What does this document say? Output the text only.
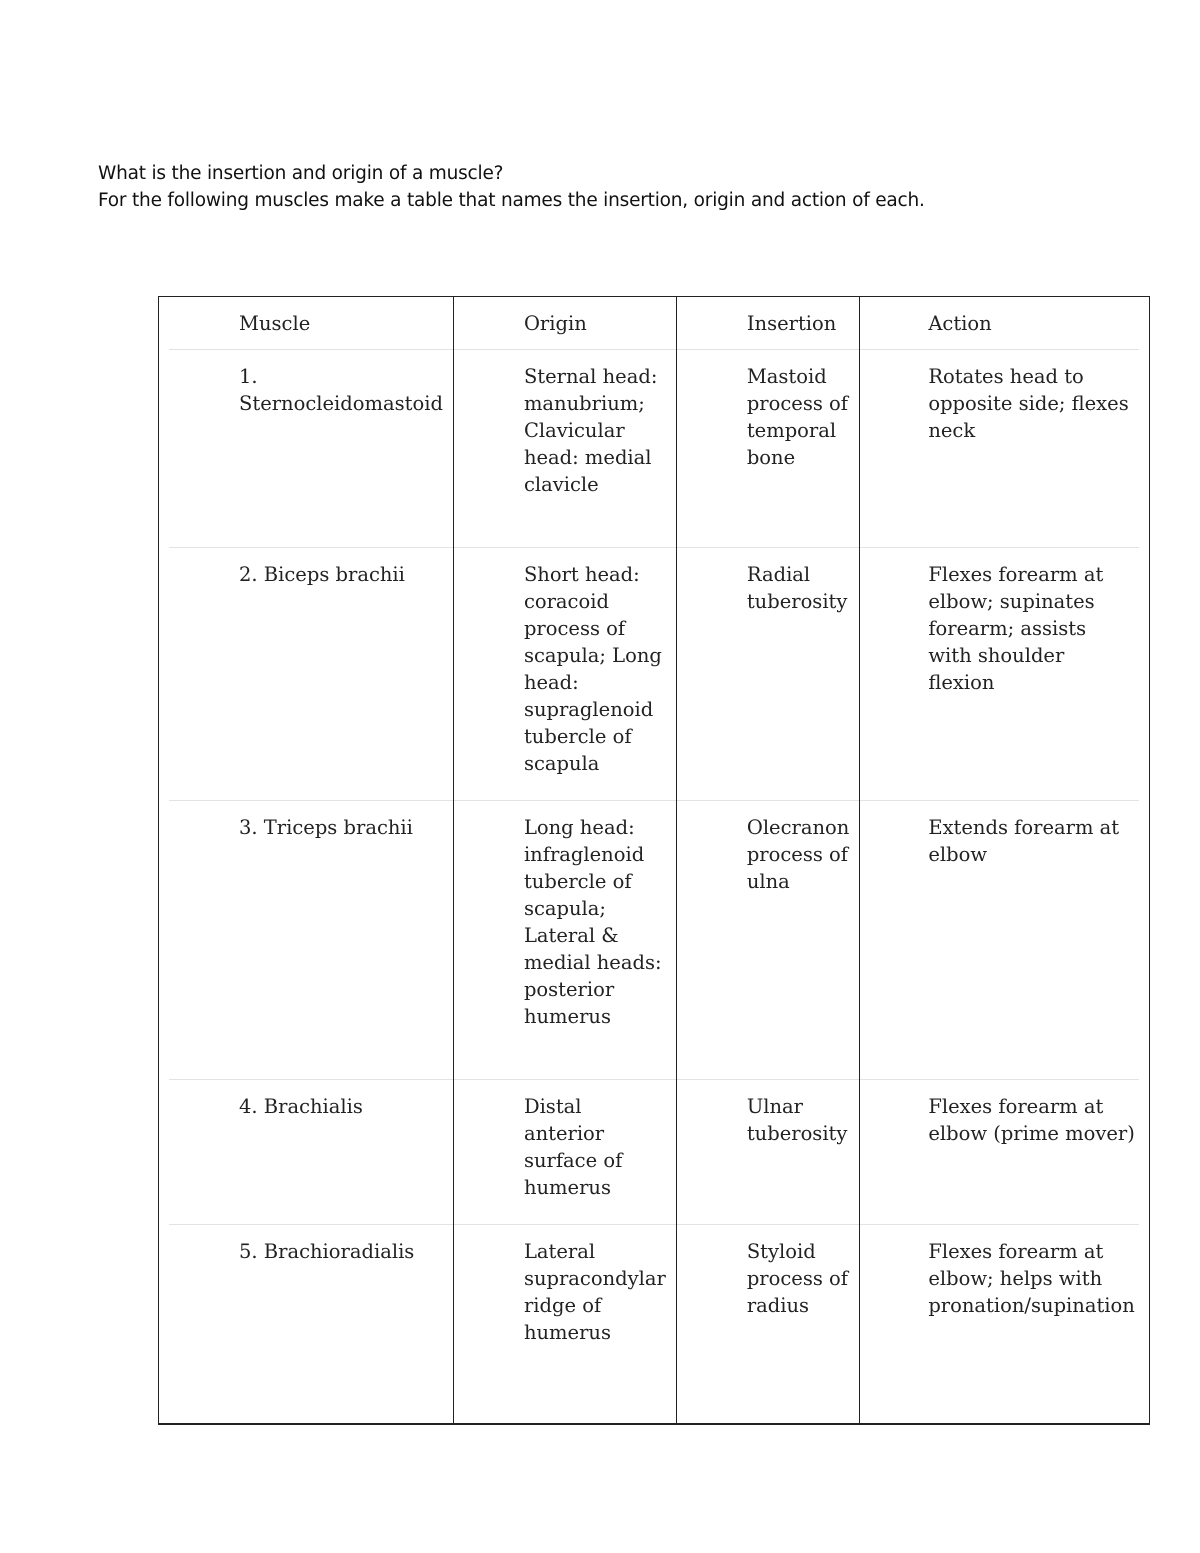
What is the insertion and origin of a muscle?
For the following muscles make a table that names the insertion, origin and action of each.
Muscle	Origin	Insertion	Action

1. Sternocleidomastoid	Sternal head: manubrium; Clavicular head: medial clavicle	Mastoid process of temporal bone	Rotates head to opposite side; flexes neck

2. Biceps brachii	Short head: coracoid process of scapula; Long head: supraglenoid tubercle of scapula	Radial tuberosity	Flexes forearm at elbow; supinates forearm; assists with shoulder flexion

3. Triceps brachii	Long head: infraglenoid tubercle of scapula; Lateral & medial heads: posterior humerus	Olecranon process of ulna	Extends forearm at elbow

4. Brachialis	Distal anterior surface of humerus	Ulnar tuberosity	Flexes forearm at elbow (prime mover)

5. Brachioradialis	Lateral supracondylar ridge of humerus	Styloid process of radius	Flexes forearm at elbow; helps with pronation/supination
